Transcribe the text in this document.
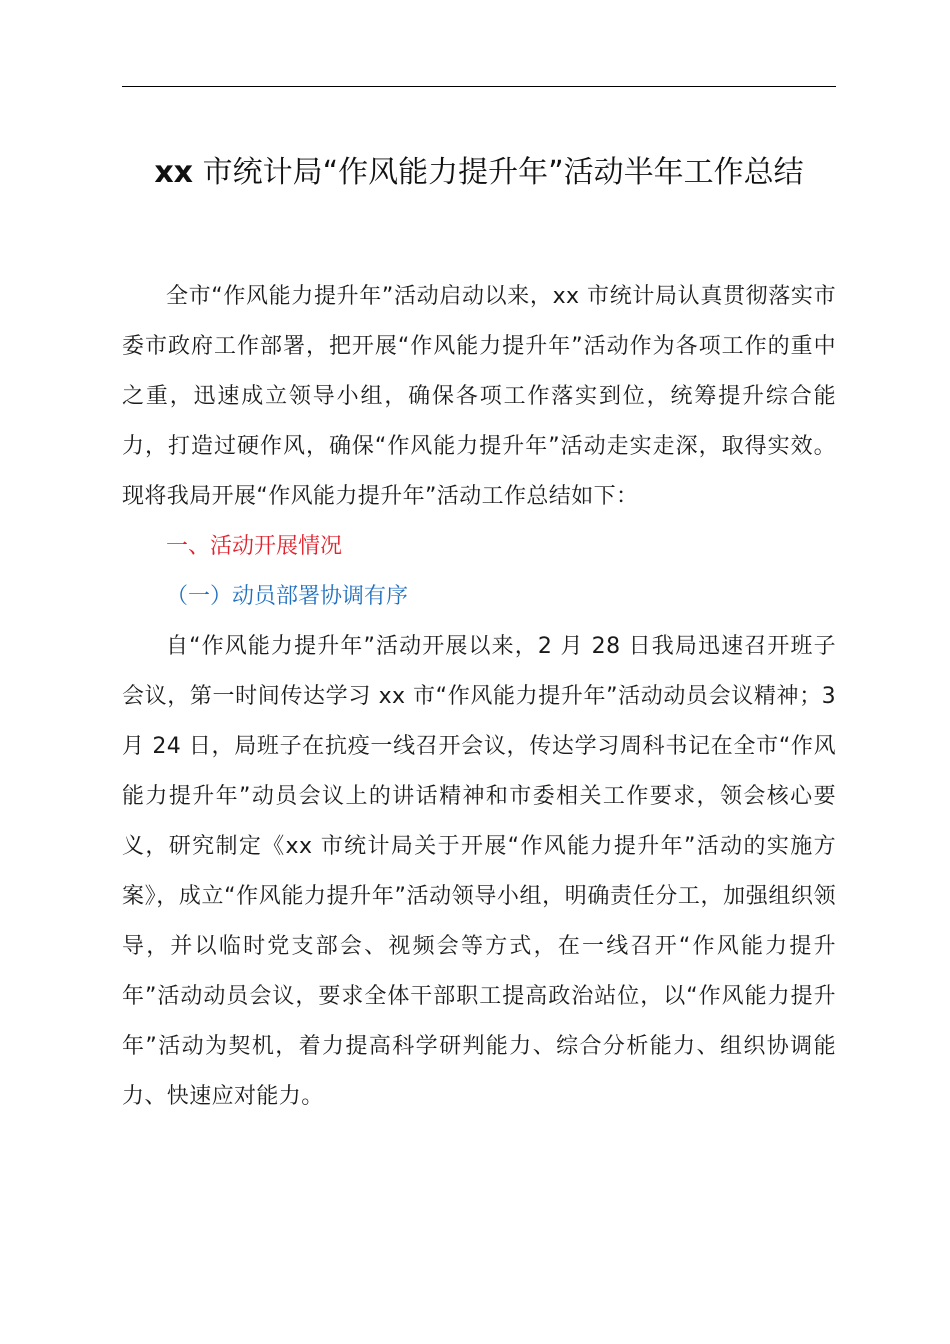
xx 市统计局“作风能力提升年”活动半年工作总结

全市“作风能力提升年”活动启动以来，xx 市统计局认真贯彻落实市委市政府工作部署，把开展“作风能力提升年”活动作为各项工作的重中之重，迅速成立领导小组，确保各项工作落实到位，统筹提升综合能力，打造过硬作风，确保“作风能力提升年”活动走实走深，取得实效。现将我局开展“作风能力提升年”活动工作总结如下：

一、活动开展情况

（一）动员部署协调有序

自“作风能力提升年”活动开展以来，2 月 28 日我局迅速召开班子会议，第一时间传达学习 xx 市“作风能力提升年”活动动员会议精神；3 月 24 日，局班子在抗疫一线召开会议，传达学习周科书记在全市“作风能力提升年”动员会议上的讲话精神和市委相关工作要求，领会核心要义，研究制定《xx 市统计局关于开展“作风能力提升年”活动的实施方案》，成立“作风能力提升年”活动领导小组，明确责任分工，加强组织领导，并以临时党支部会、视频会等方式，在一线召开“作风能力提升年”活动动员会议，要求全体干部职工提高政治站位，以“作风能力提升年”活动为契机，着力提高科学研判能力、综合分析能力、组织协调能力、快速应对能力。
